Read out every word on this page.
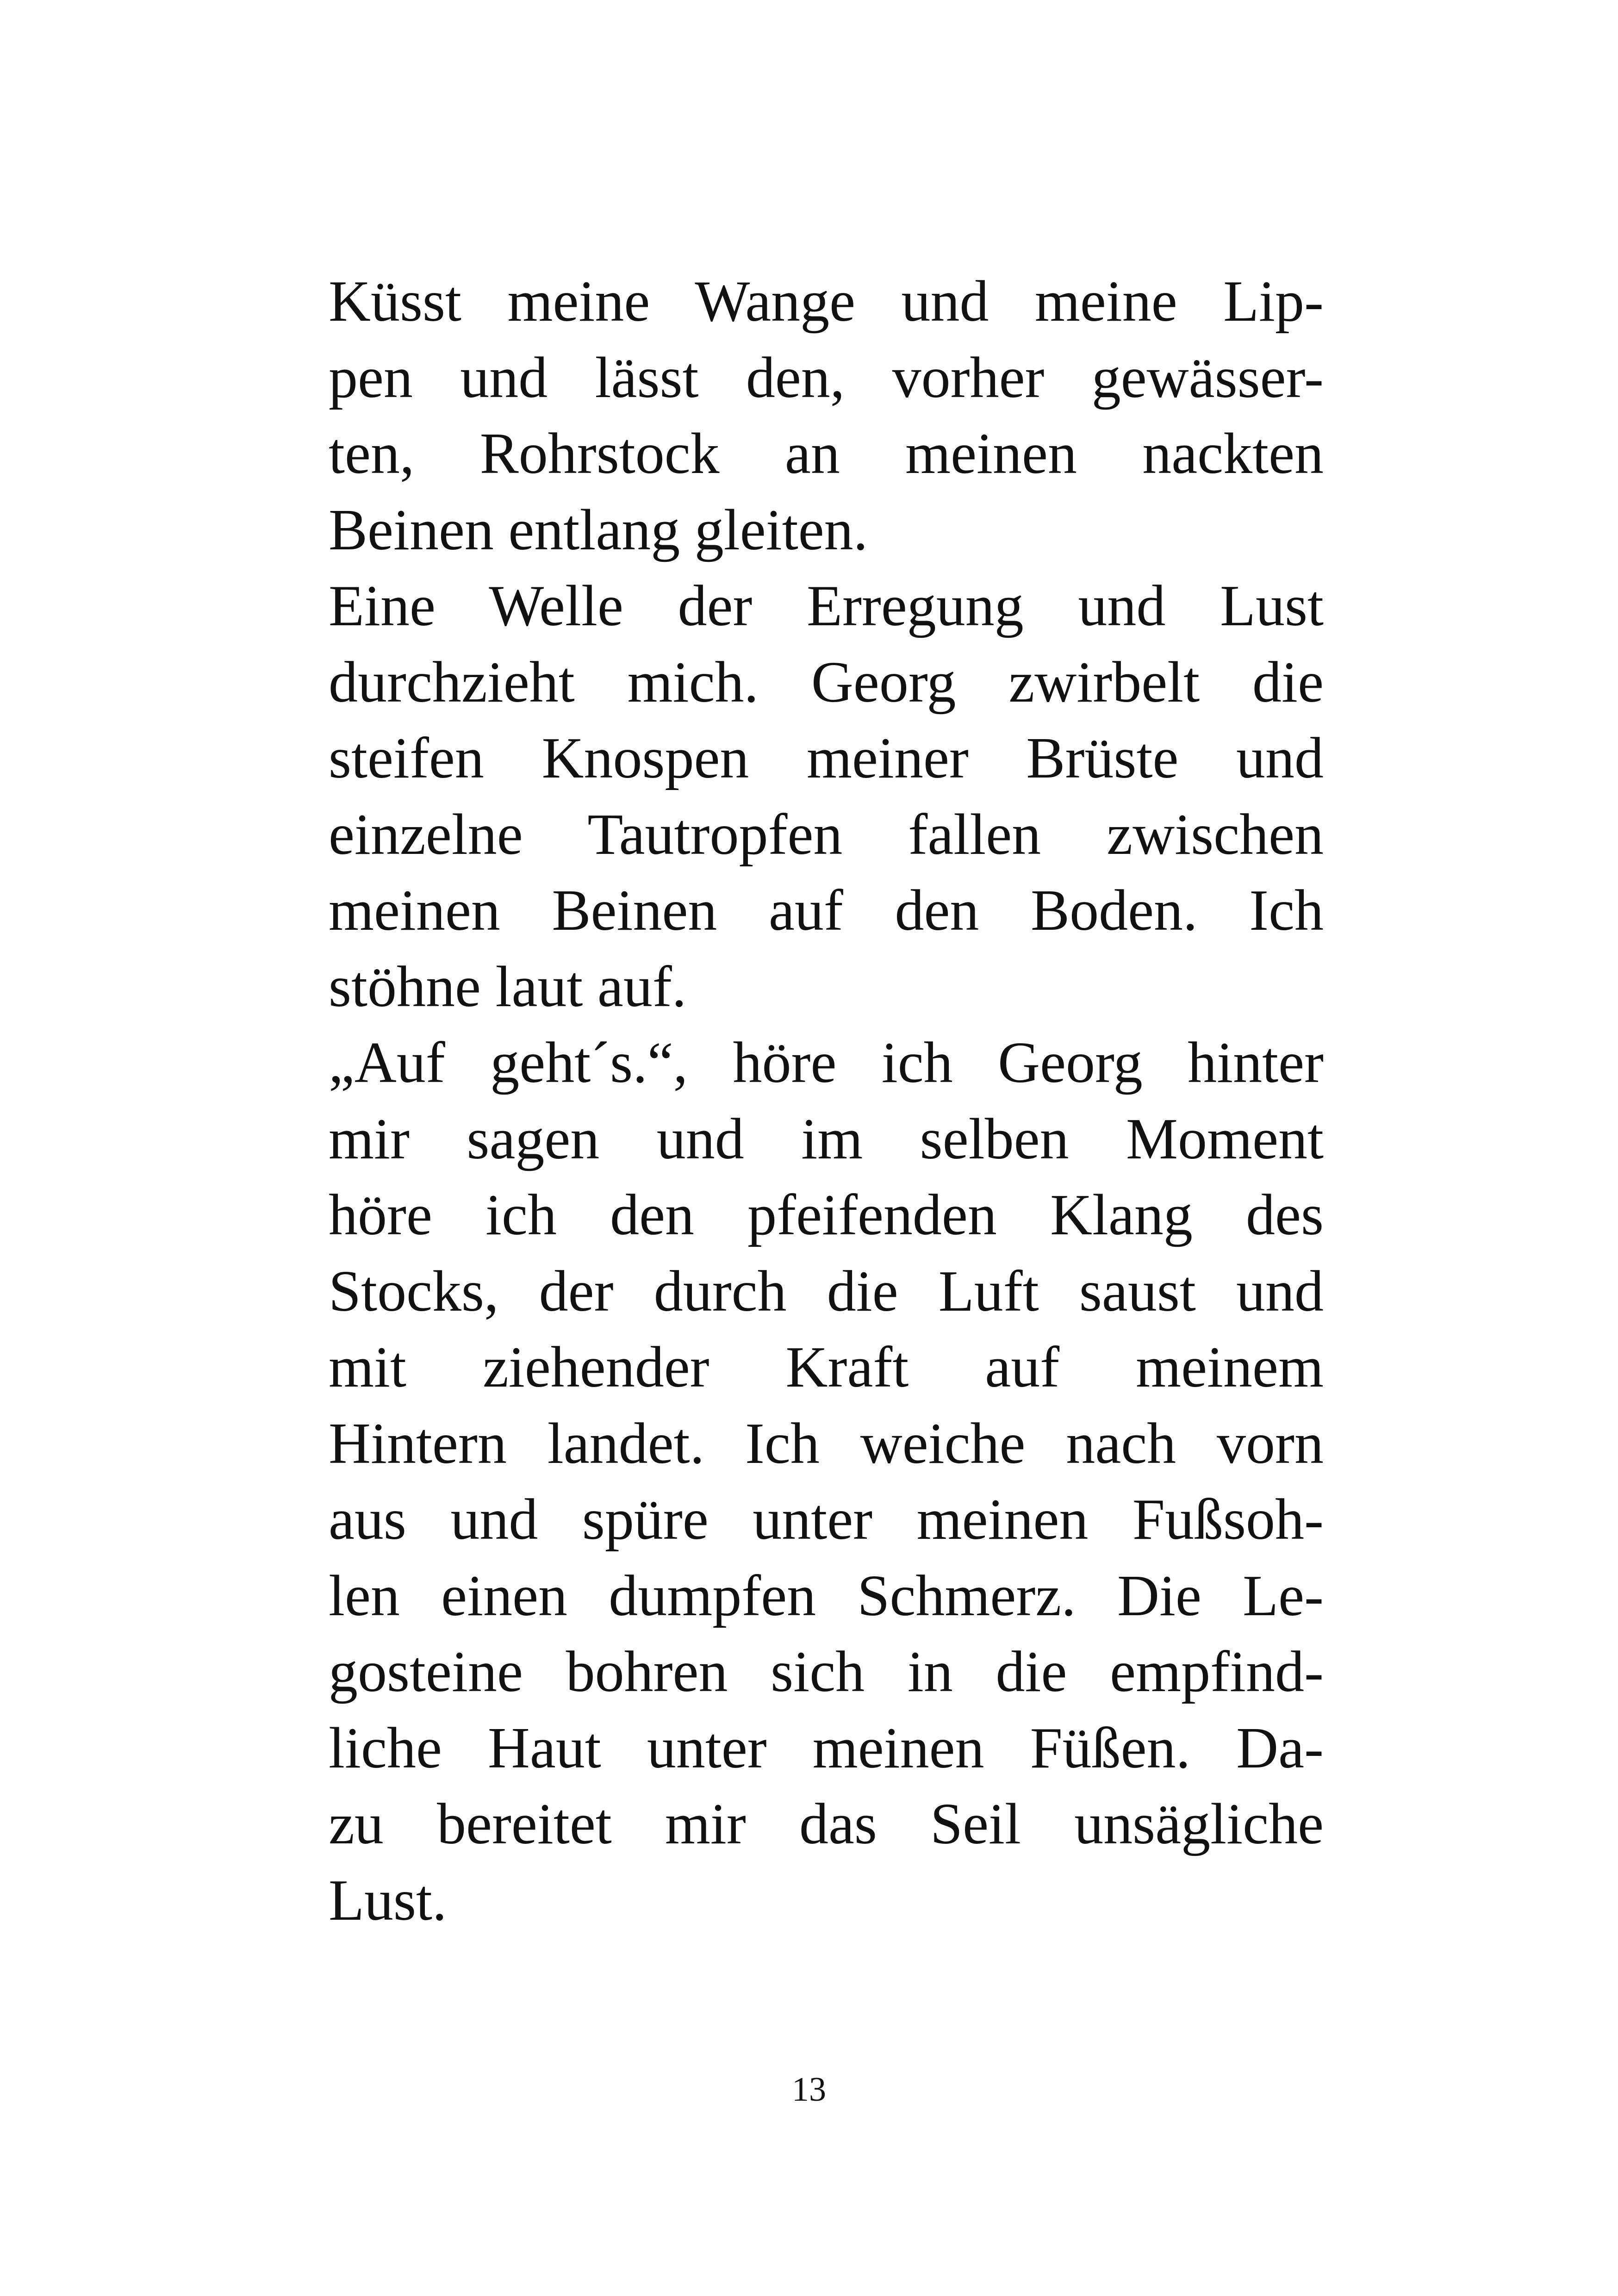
Küsst meine Wange und meine Lip-
pen und lässt den, vorher gewässer-
ten, Rohrstock an meinen nackten
Beinen entlang gleiten.
Eine Welle der Erregung und Lust
durchzieht mich. Georg zwirbelt die
steifen Knospen meiner Brüste und
einzelne Tautropfen fallen zwischen
meinen Beinen auf den Boden. Ich
stöhne laut auf.
„Auf geht´s.“, höre ich Georg hinter
mir sagen und im selben Moment
höre ich den pfeifenden Klang des
Stocks, der durch die Luft saust und
mit ziehender Kraft auf meinem
Hintern landet. Ich weiche nach vorn
aus und spüre unter meinen Fußsoh-
len einen dumpfen Schmerz. Die Le-
gosteine bohren sich in die empfind-
liche Haut unter meinen Füßen. Da-
zu bereitet mir das Seil unsägliche
Lust.
13
